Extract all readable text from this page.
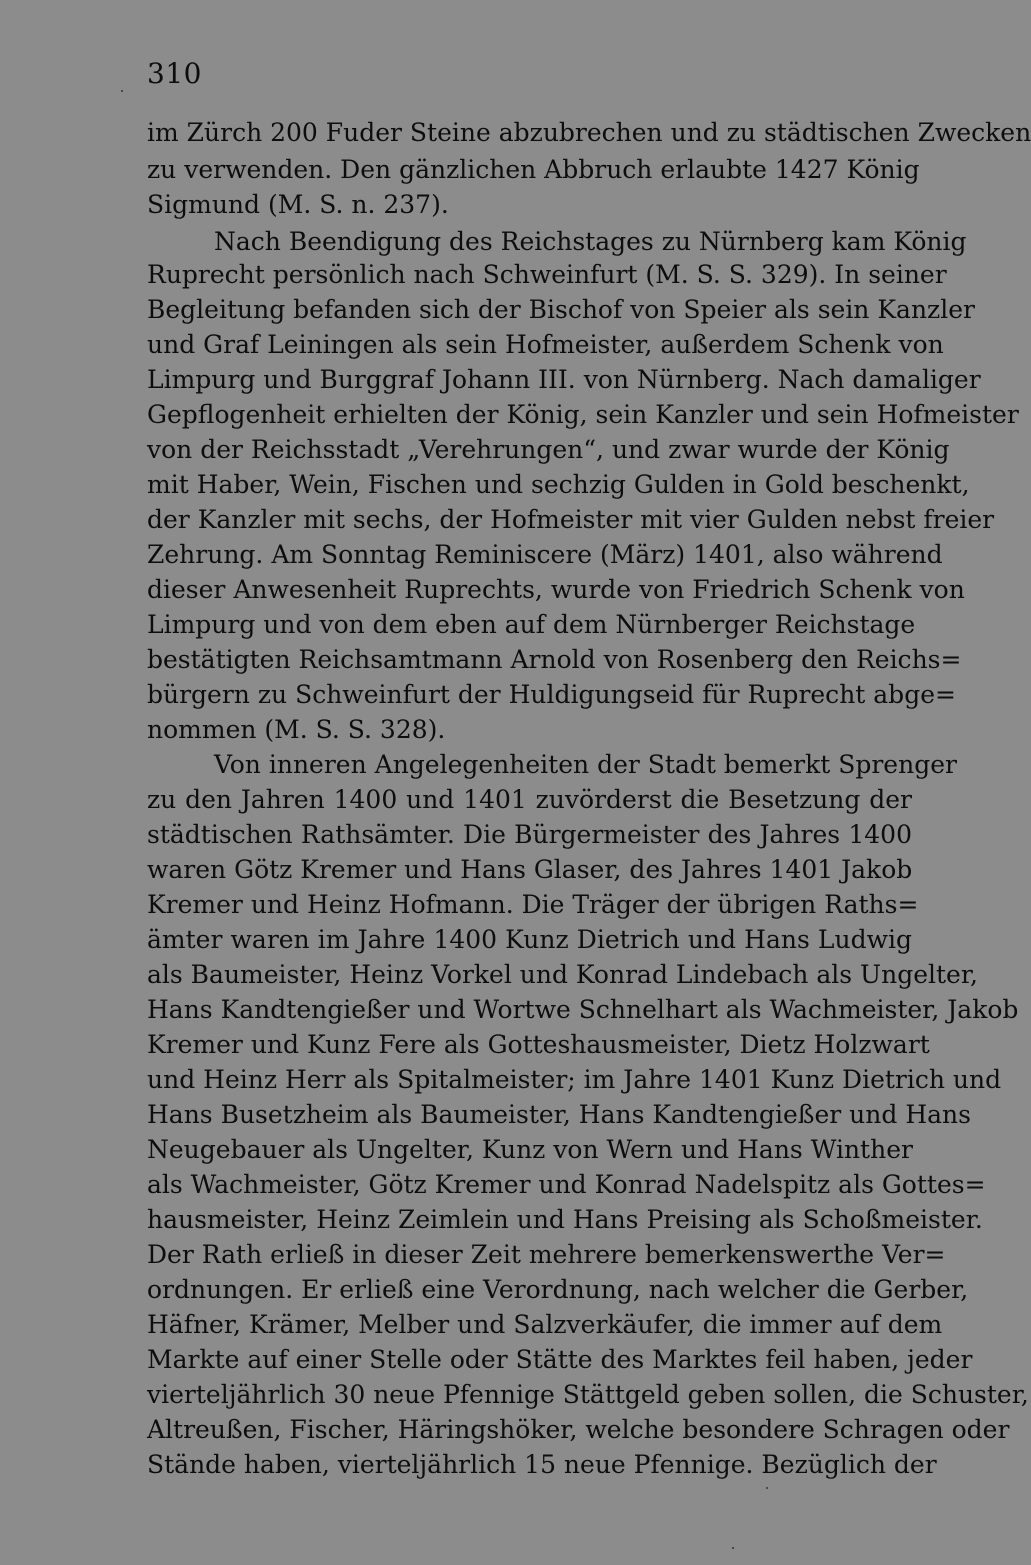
310
im Zürch 200 Fuder Steine abzubrechen und zu städtischen Zwecken
zu verwenden. Den gänzlichen Abbruch erlaubte 1427 König
Sigmund (M. S. n. 237).
Nach Beendigung des Reichstages zu Nürnberg kam König
Ruprecht persönlich nach Schweinfurt (M. S. S. 329). In seiner
Begleitung befanden sich der Bischof von Speier als sein Kanzler
und Graf Leiningen als sein Hofmeister, außerdem Schenk von
Limpurg und Burggraf Johann III. von Nürnberg. Nach damaliger
Gepflogenheit erhielten der König, sein Kanzler und sein Hofmeister
von der Reichsstadt „Verehrungen“, und zwar wurde der König
mit Haber, Wein, Fischen und sechzig Gulden in Gold beschenkt,
der Kanzler mit sechs, der Hofmeister mit vier Gulden nebst freier
Zehrung. Am Sonntag Reminiscere (März) 1401, also während
dieser Anwesenheit Ruprechts, wurde von Friedrich Schenk von
Limpurg und von dem eben auf dem Nürnberger Reichstage
bestätigten Reichsamtmann Arnold von Rosenberg den Reichs=
bürgern zu Schweinfurt der Huldigungseid für Ruprecht abge=
nommen (M. S. S. 328).
Von inneren Angelegenheiten der Stadt bemerkt Sprenger
zu den Jahren 1400 und 1401 zuvörderst die Besetzung der
städtischen Rathsämter. Die Bürgermeister des Jahres 1400
waren Götz Kremer und Hans Glaser, des Jahres 1401 Jakob
Kremer und Heinz Hofmann. Die Träger der übrigen Raths=
ämter waren im Jahre 1400 Kunz Dietrich und Hans Ludwig
als Baumeister, Heinz Vorkel und Konrad Lindebach als Ungelter,
Hans Kandtengießer und Wortwe Schnelhart als Wachmeister, Jakob
Kremer und Kunz Fere als Gotteshausmeister, Dietz Holzwart
und Heinz Herr als Spitalmeister; im Jahre 1401 Kunz Dietrich und
Hans Busetzheim als Baumeister, Hans Kandtengießer und Hans
Neugebauer als Ungelter, Kunz von Wern und Hans Winther
als Wachmeister, Götz Kremer und Konrad Nadelspitz als Gottes=
hausmeister, Heinz Zeimlein und Hans Preising als Schoßmeister.
Der Rath erließ in dieser Zeit mehrere bemerkenswerthe Ver=
ordnungen. Er erließ eine Verordnung, nach welcher die Gerber,
Häfner, Krämer, Melber und Salzverkäufer, die immer auf dem
Markte auf einer Stelle oder Stätte des Marktes feil haben, jeder
vierteljährlich 30 neue Pfennige Stättgeld geben sollen, die Schuster,
Altreußen, Fischer, Häringshöker, welche besondere Schragen oder
Stände haben, vierteljährlich 15 neue Pfennige. Bezüglich der
